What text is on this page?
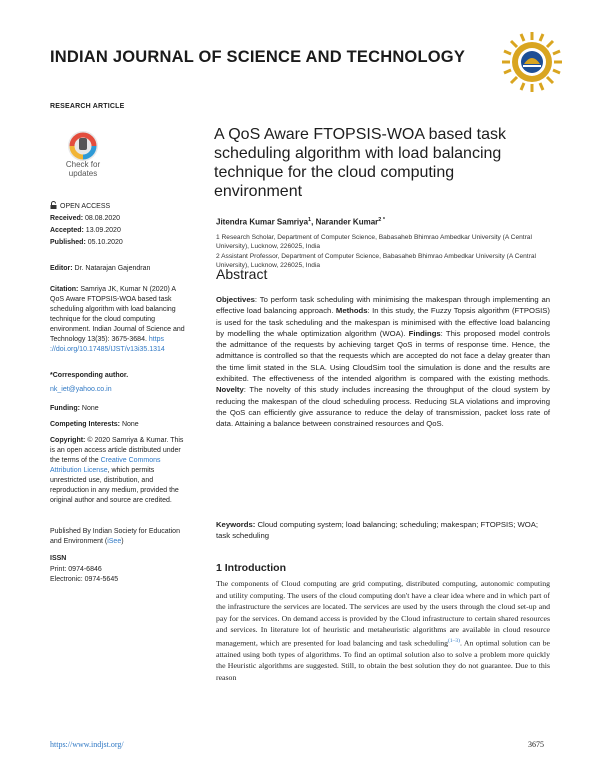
INDIAN JOURNAL OF SCIENCE AND TECHNOLOGY
RESEARCH ARTICLE
Check for
updates
OPEN ACCESS
Received: 08.08.2020
Accepted: 13.09.2020
Published: 05.10.2020
Editor: Dr. Natarajan Gajendran
Citation: Samriya JK, Kumar N (2020) A QoS Aware FTOPSIS-WOA based task scheduling algorithm with load balancing technique for the cloud computing environment. Indian Journal of Science and Technology 13(35): 3675-3684. https ://doi.org/10.17485/IJST/v13i35.1314
*Corresponding author.
nk_iet@yahoo.co.in
Funding: None
Competing Interests: None
Copyright: © 2020 Samriya & Kumar. This is an open access article distributed under the terms of the Creative Commons Attribution License, which permits unrestricted use, distribution, and reproduction in any medium, provided the original author and source are credited.
Published By Indian Society for Education and Environment (iSee)
ISSN
Print: 0974-6846
Electronic: 0974-5645
A QoS Aware FTOPSIS-WOA based task scheduling algorithm with load balancing technique for the cloud computing environment
Jitendra Kumar Samriya$^1$, Narander Kumar$^{2 *}$
1 Research Scholar, Department of Computer Science, Babasaheb Bhimrao Ambedkar University (A Central University), Lucknow, 226025, India
2 Assistant Professor, Department of Computer Science, Babasaheb Bhimrao Ambedkar University (A Central University), Lucknow, 226025, India
Abstract
Objectives: To perform task scheduling with minimising the makespan through implementing an effective load balancing approach. Methods: In this study, the Fuzzy Topsis algorithm (FTPOSIS) is used for the task scheduling and the makespan is minimised with the effective load balancing by modelling the whale optimization algorithm (WOA). Findings: This proposed model controls the admittance of the requests by achieving target QoS in terms of response time. Hence, the admittance is controlled so that the requests which are accepted do not face a delay greater than the time limit stated in the SLA. Using CloudSim tool the simulation is done and the results are exhibited. The effectiveness of the intended algorithm is compared with the existing methods. Novelty: The novelty of this study includes increasing the throughput of the cloud system by reducing the makespan of the cloud scheduling process. Reducing SLA violations and improving the QoS can efficiently give assurance to reduce the delay of transmission, packet loss rate of data. Attaining a balance between constrained resources and QoS.
Keywords: Cloud computing system; load balancing; scheduling; makespan; FTOPSIS; WOA; task scheduling
1 Introduction
The components of Cloud computing are grid computing, distributed computing, autonomic computing and utility computing. The users of the cloud computing don't have a clear idea where and in which part of the infrastructure the services are located. The services are used by the users through the cloud set-up and pay for the services. On demand access is provided by the Cloud infrastructure to certain shared resources and services. In literature lot of heuristic and metaheuristic algorithms are available in cloud resource management, which are presented for load balancing and task scheduling$^{(1-3)}$. An optimal solution can be attained using both types of algorithms. To find an optimal solution also to solve a problem more quickly the Heuristic algorithms are suggested. Still, to obtain the best solution they do not guarantee. Due to this reason
https://www.indjst.org/	3675
